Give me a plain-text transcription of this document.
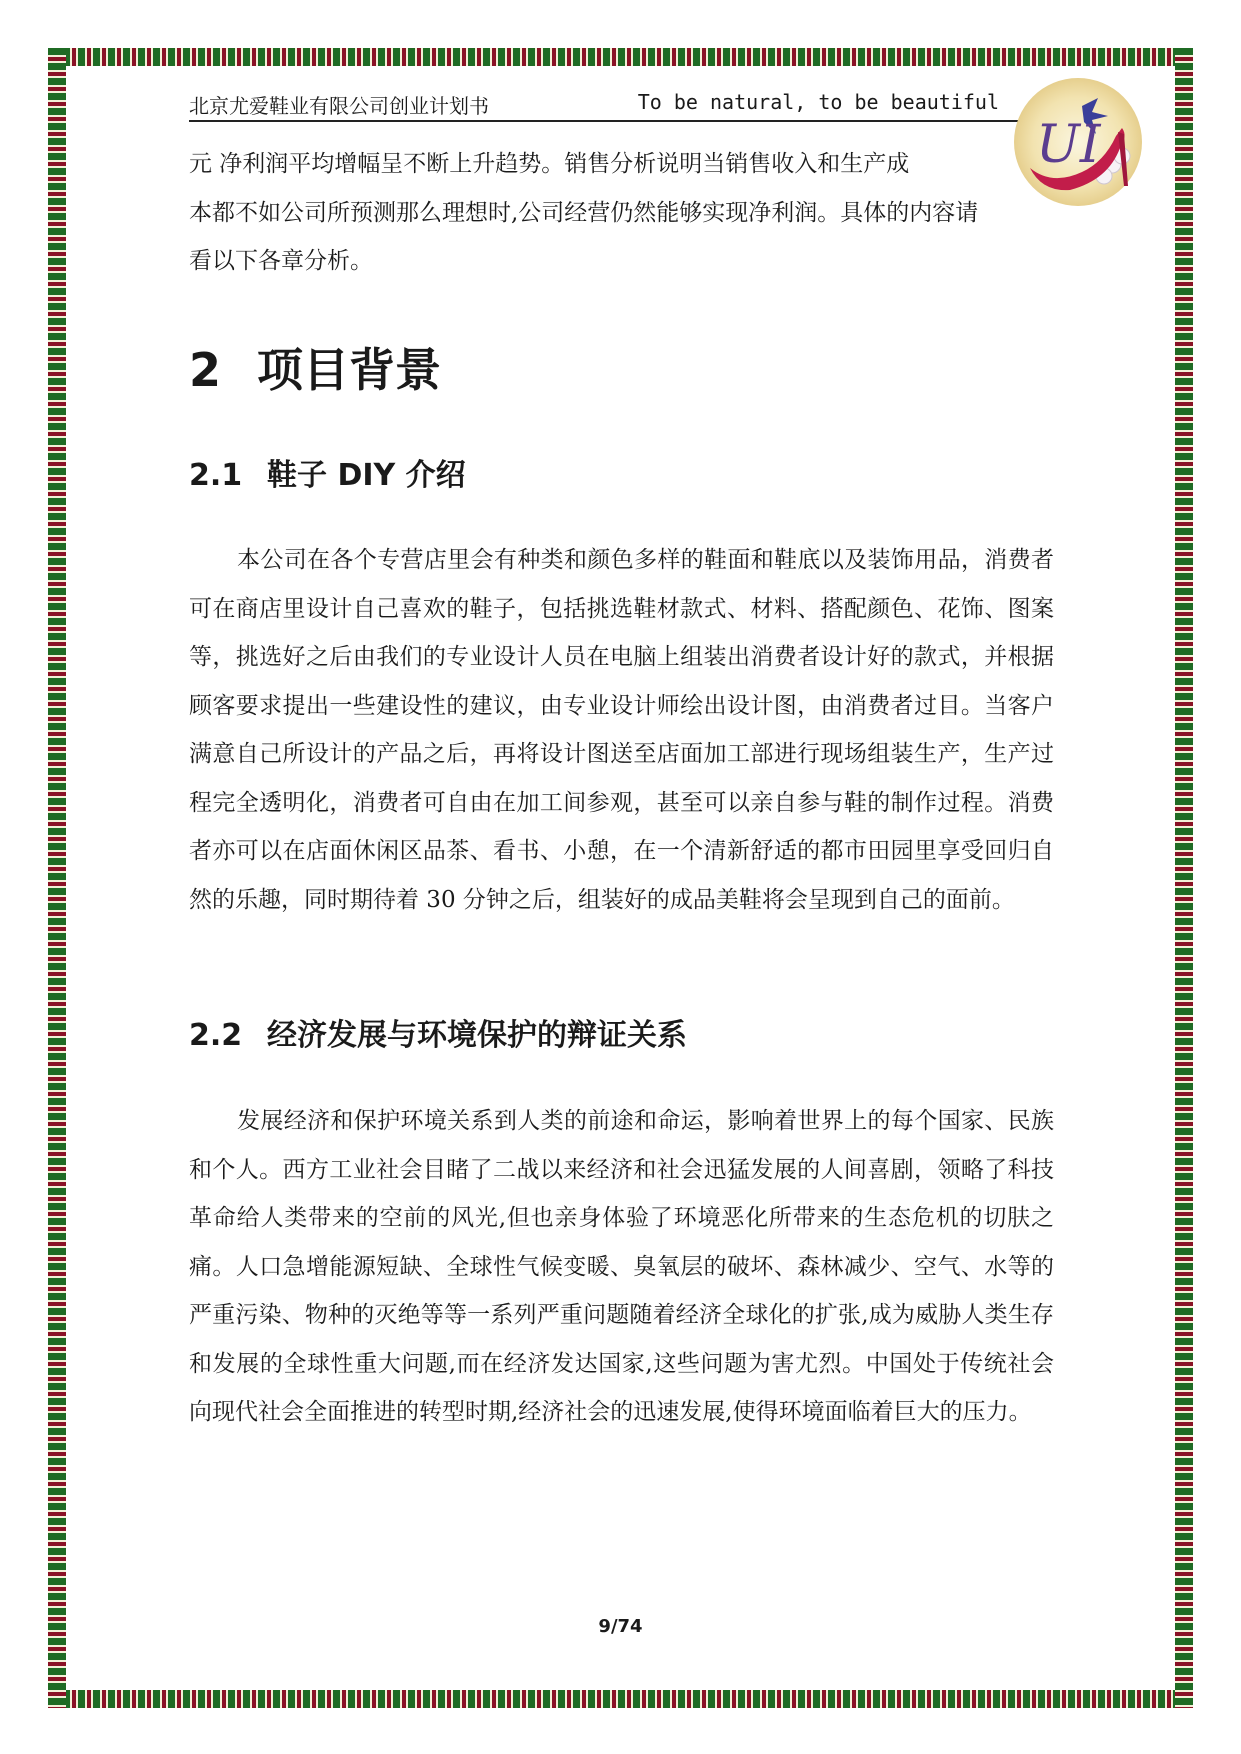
北京尤爱鞋业有限公司创业计划书	To be natural, to be beautiful
UI
元 净利润平均增幅呈不断上升趋势。销售分析说明当销售收入和生产成
本都不如公司所预测那么理想时,公司经营仍然能够实现净利润。具体的内容请
看以下各章分析。
2 项目背景
2.1 鞋子 DIY 介绍

本公司在各个专营店里会有种类和颜色多样的鞋面和鞋底以及装饰用品，消费者可在商店里设计自己喜欢的鞋子，包括挑选鞋材款式、材料、搭配颜色、花饰、图案等，挑选好之后由我们的专业设计人员在电脑上组装出消费者设计好的款式，并根据顾客要求提出一些建设性的建议，由专业设计师绘出设计图，由消费者过目。当客户满意自己所设计的产品之后，再将设计图送至店面加工部进行现场组装生产，生产过程完全透明化，消费者可自由在加工间参观，甚至可以亲自参与鞋的制作过程。消费者亦可以在店面休闲区品茶、看书、小憩，在一个清新舒适的都市田园里享受回归自然的乐趣，同时期待着 30 分钟之后，组装好的成品美鞋将会呈现到自己的面前。

2.2 经济发展与环境保护的辩证关系

发展经济和保护环境关系到人类的前途和命运，影响着世界上的每个国家、民族和个人。西方工业社会目睹了二战以来经济和社会迅猛发展的人间喜剧，领略了科技革命给人类带来的空前的风光,但也亲身体验了环境恶化所带来的生态危机的切肤之痛。人口急增能源短缺、全球性气候变暖、臭氧层的破坏、森林减少、空气、水等的严重污染、物种的灭绝等等一系列严重问题随着经济全球化的扩张,成为威胁人类生存和发展的全球性重大问题,而在经济发达国家,这些问题为害尤烈。中国处于传统社会向现代社会全面推进的转型时期,经济社会的迅速发展,使得环境面临着巨大的压力。

9/74
